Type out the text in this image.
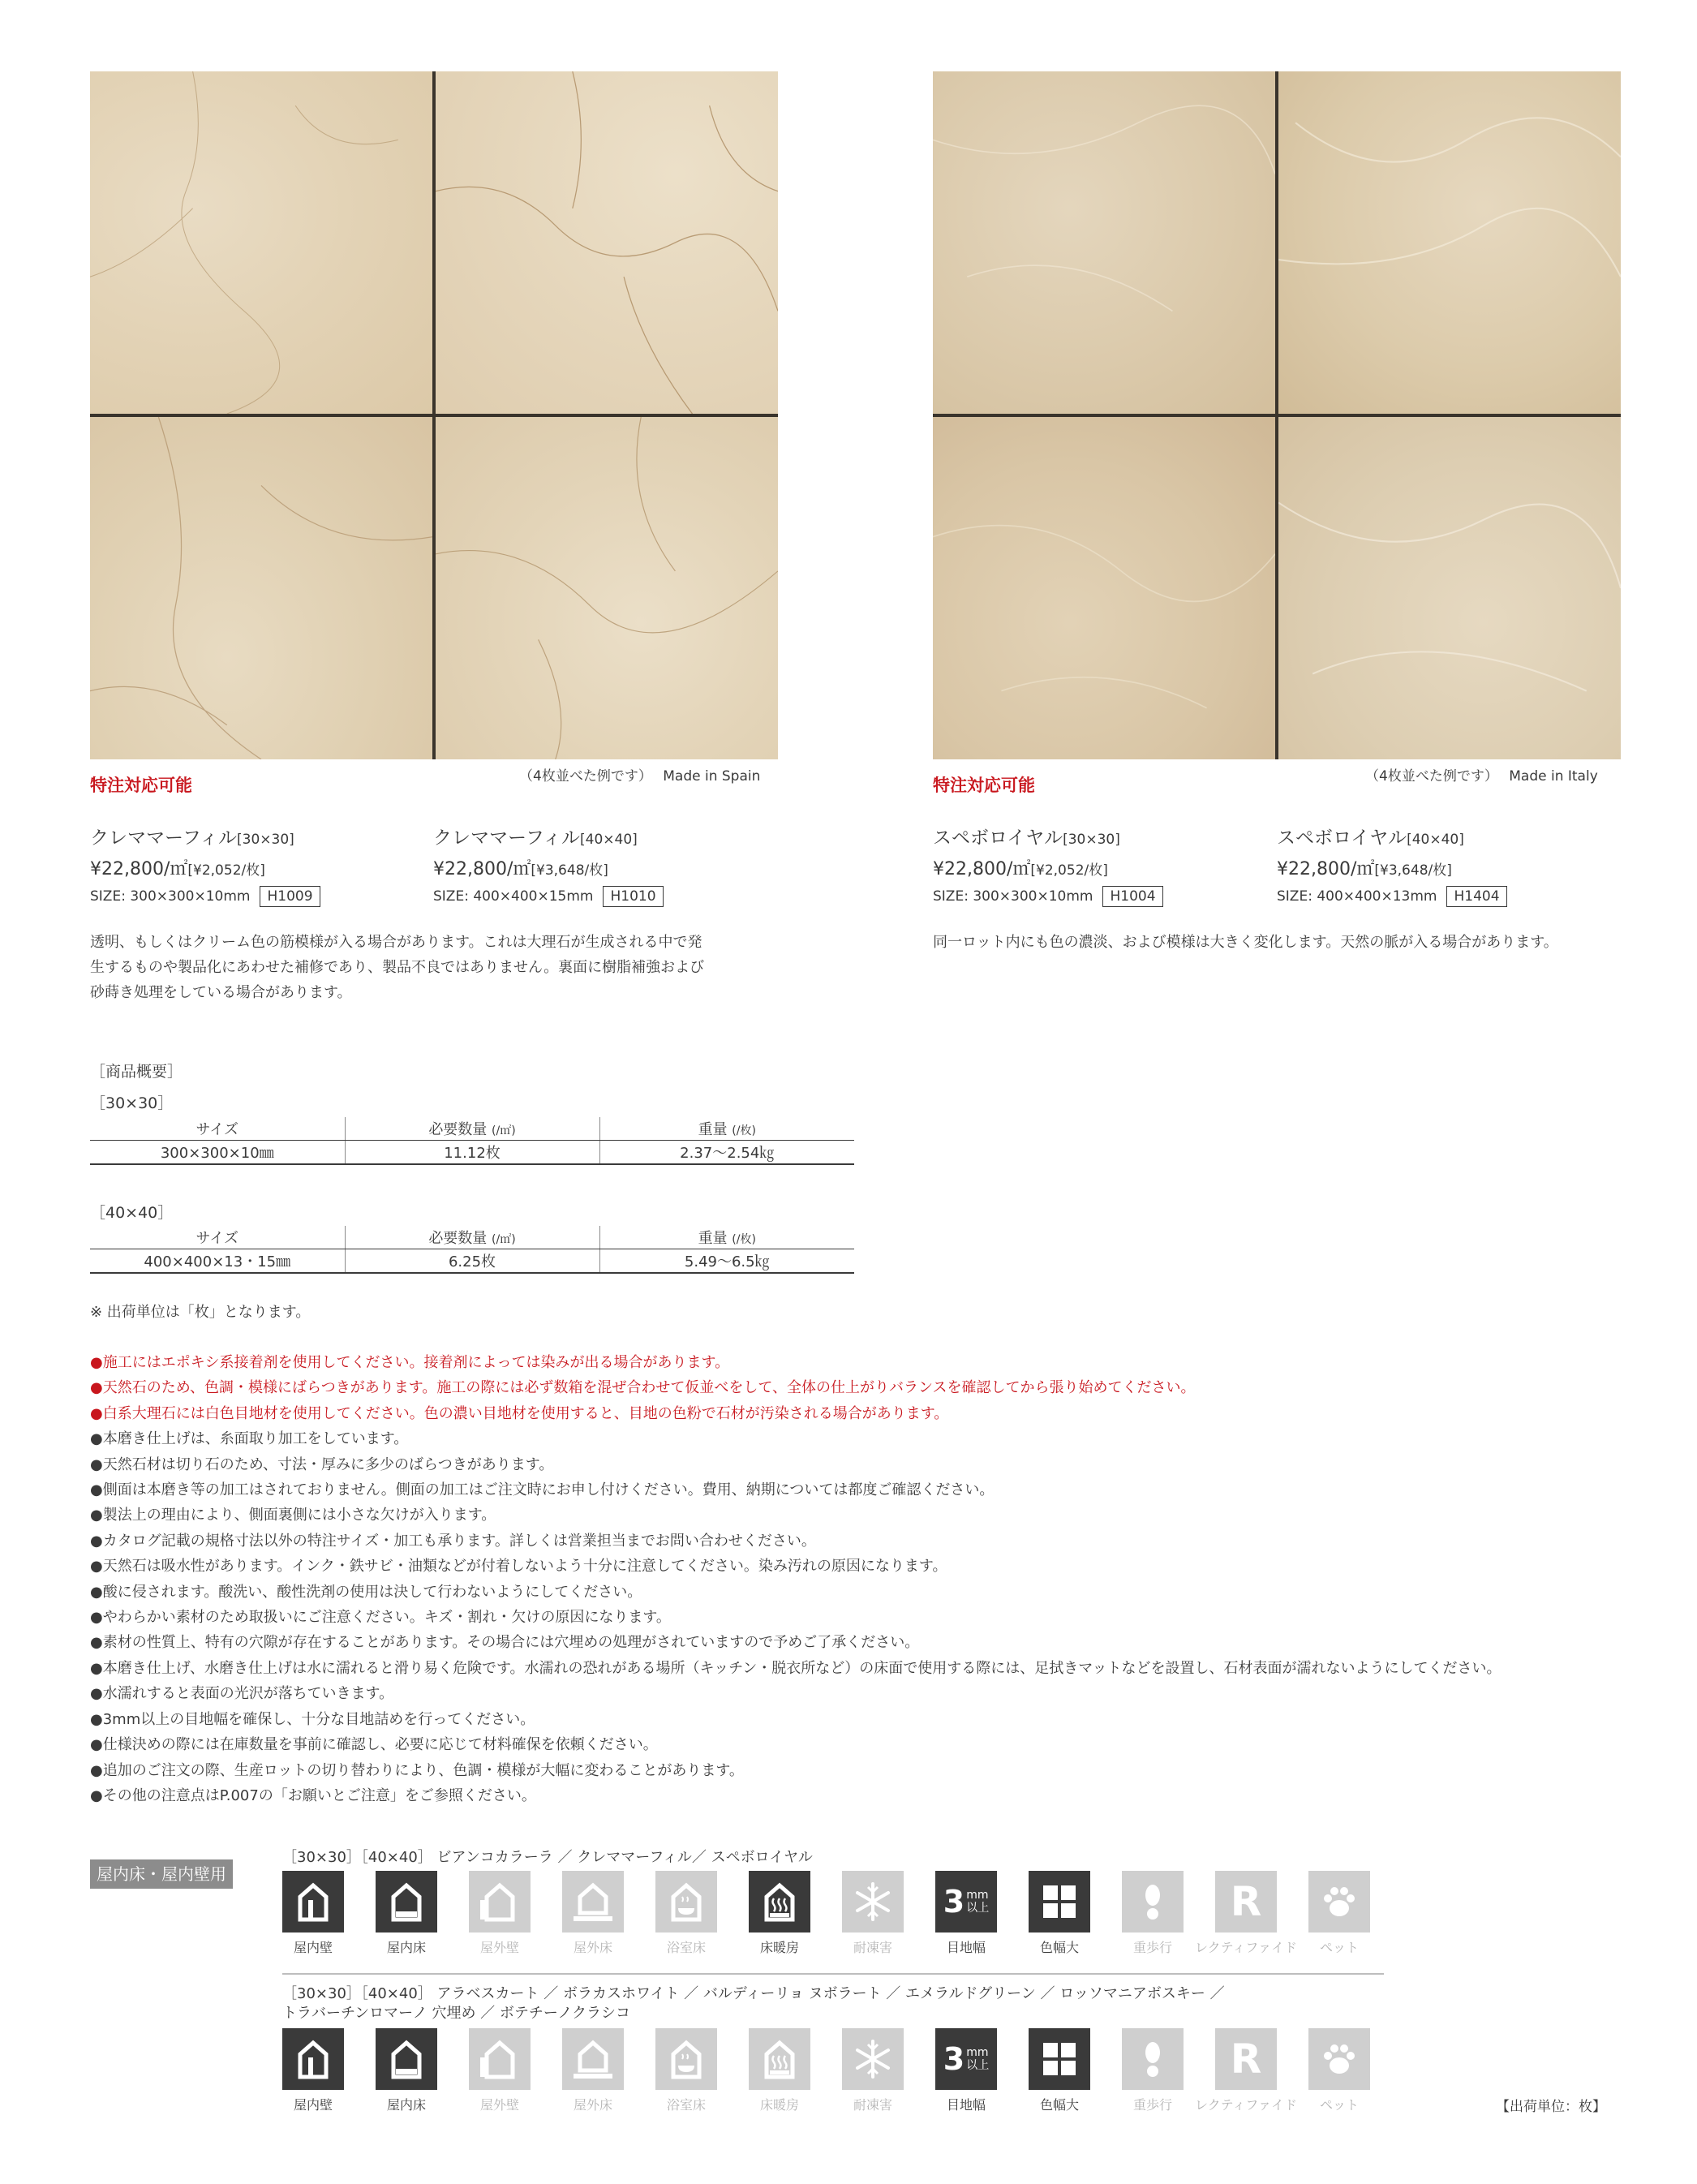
特注対応可能	（4枚並べた例です） Made in Spain
クレママーフィル[30×30]
¥22,800/㎡[¥2,052/枚]
SIZE: 300×300×10mm	H1009
クレママーフィル[40×40]
¥22,800/㎡[¥3,648/枚]
SIZE: 400×400×15mm	H1010
透明、もしくはクリーム色の筋模様が入る場合があります。これは大理石が生成される中で発
生するものや製品化にあわせた補修であり、製品不良ではありません。裏面に樹脂補強および
砂蒔き処理をしている場合があります。
特注対応可能	（4枚並べた例です） Made in Italy
スペボロイヤル[30×30]
¥22,800/㎡[¥2,052/枚]
SIZE: 300×300×10mm	H1004
スペボロイヤル[40×40]
¥22,800/㎡[¥3,648/枚]
SIZE: 400×400×13mm	H1404
同一ロット内にも色の濃淡、および模様は大きく変化します。天然の脈が入る場合があります。
［商品概要］
［30×30］
サイズ	必要数量 (/㎡)	重量 (/枚)
300×300×10㎜	11.12枚	2.37～2.54㎏
［40×40］
サイズ	必要数量 (/㎡)	重量 (/枚)
400×400×13・15㎜	6.25枚	5.49～6.5㎏
※ 出荷単位は「枚」となります。
●施工にはエポキシ系接着剤を使用してください。接着剤によっては染みが出る場合があります。
●天然石のため、色調・模様にばらつきがあります。施工の際には必ず数箱を混ぜ合わせて仮並べをして、全体の仕上がりバランスを確認してから張り始めてください。
●白系大理石には白色目地材を使用してください。色の濃い目地材を使用すると、目地の色粉で石材が汚染される場合があります。
●本磨き仕上げは、糸面取り加工をしています。
●天然石材は切り石のため、寸法・厚みに多少のばらつきがあります。
●側面は本磨き等の加工はされておりません。側面の加工はご注文時にお申し付けください。費用、納期については都度ご確認ください。
●製法上の理由により、側面裏側には小さな欠けが入ります。
●カタログ記載の規格寸法以外の特注サイズ・加工も承ります。詳しくは営業担当までお問い合わせください。
●天然石は吸水性があります。インク・鉄サビ・油類などが付着しないよう十分に注意してください。染み汚れの原因になります。
●酸に侵されます。酸洗い、酸性洗剤の使用は決して行わないようにしてください。
●やわらかい素材のため取扱いにご注意ください。キズ・割れ・欠けの原因になります。
●素材の性質上、特有の穴隙が存在することがあります。その場合には穴埋めの処理がされていますので予めご了承ください。
●本磨き仕上げ、水磨き仕上げは水に濡れると滑り易く危険です。水濡れの恐れがある場所（キッチン・脱衣所など）の床面で使用する際には、足拭きマットなどを設置し、石材表面が濡れないようにしてください。
●水濡れすると表面の光沢が落ちていきます。
●3mm以上の目地幅を確保し、十分な目地詰めを行ってください。
●仕様決めの際には在庫数量を事前に確認し、必要に応じて材料確保を依頼ください。
●追加のご注文の際、生産ロットの切り替わりにより、色調・模様が大幅に変わることがあります。
●その他の注意点はP.007の「お願いとご注意」をご参照ください。
屋内床・屋内壁用
［30×30］［40×40］ ビアンコカラーラ ／ クレママーフィル／ スペボロイヤル
屋内壁	屋内床	屋外壁	屋外床	浴室床	床暖房	耐凍害
3 mm
以上
目地幅	色幅大	重歩行
R
レクティファイド ペット
［30×30］［40×40］ アラベスカート ／ ボラカスホワイト ／ バルディーリョ ヌボラート ／ エメラルドグリーン ／ ロッソマニアボスキー ／
トラバーチンロマーノ 穴埋め ／ ボテチーノクラシコ
屋内壁	屋内床	屋外壁	屋外床	浴室床	床暖房	耐凍害
3 mm
以上
目地幅	色幅大	重歩行
R
レクティファイド ペット	【出荷単位：枚】
